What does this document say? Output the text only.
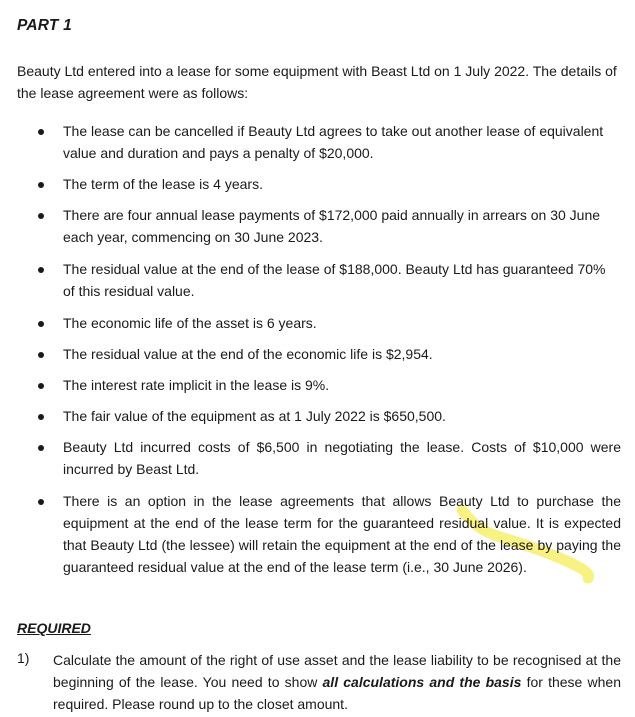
PART 1
Beauty Ltd entered into a lease for some equipment with Beast Ltd on 1 July 2022. The details of the lease agreement were as follows:
The lease can be cancelled if Beauty Ltd agrees to take out another lease of equivalent value and duration and pays a penalty of $20,000.
The term of the lease is 4 years.
There are four annual lease payments of $172,000 paid annually in arrears on 30 June each year, commencing on 30 June 2023.
The residual value at the end of the lease of $188,000. Beauty Ltd has guaranteed 70% of this residual value.
The economic life of the asset is 6 years.
The residual value at the end of the economic life is $2,954.
The interest rate implicit in the lease is 9%.
The fair value of the equipment as at 1 July 2022 is $650,500.
Beauty Ltd incurred costs of $6,500 in negotiating the lease. Costs of $10,000 were incurred by Beast Ltd.
There is an option in the lease agreements that allows Beauty Ltd to purchase the equipment at the end of the lease term for the guaranteed residual value. It is expected that Beauty Ltd (the lessee) will retain the equipment at the end of the lease by paying the guaranteed residual value at the end of the lease term (i.e., 30 June 2026).
REQUIRED
1) Calculate the amount of the right of use asset and the lease liability to be recognised at the beginning of the lease. You need to show all calculations and the basis for these when required. Please round up to the closet amount.
